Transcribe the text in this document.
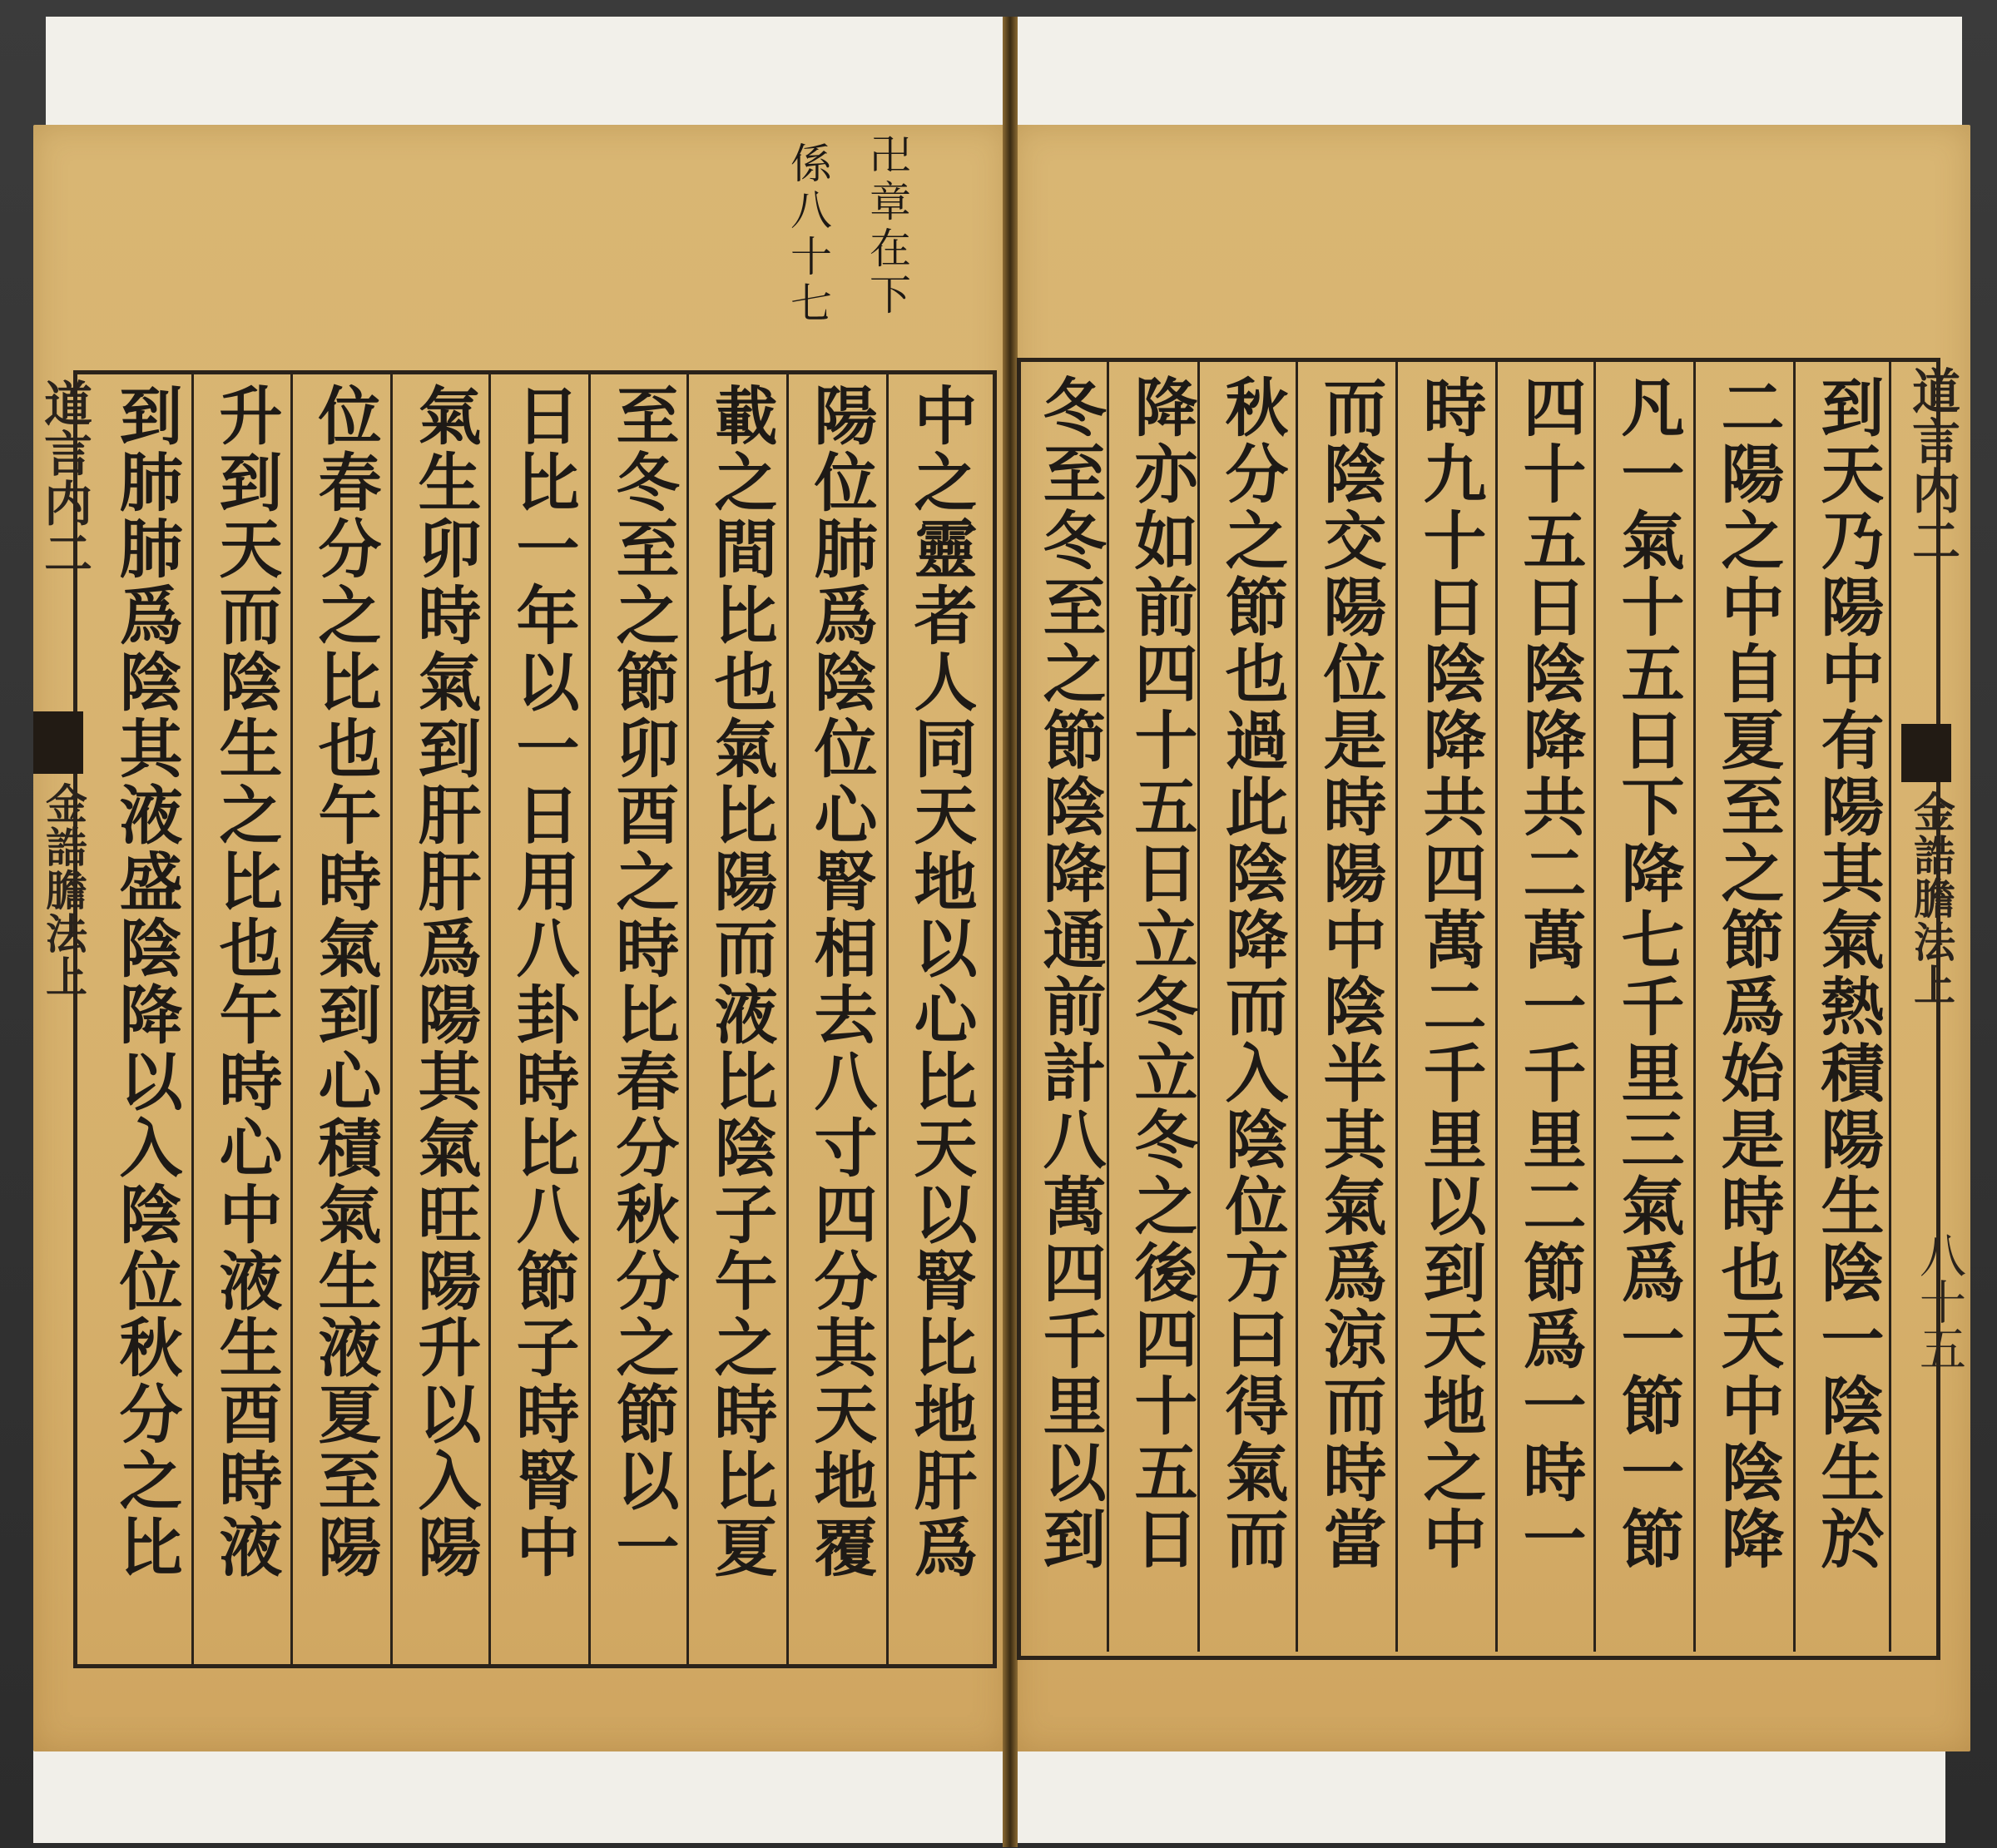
卍章在下
係八十七
道言内二
金誥膽法上	中之靈者人同天地以心比天以腎比地肝爲
陽位肺爲陰位心腎相去八寸四分其天地覆
載之間比也氣比陽而液比陰子午之時比夏
至冬至之節卯酉之時比春分秋分之節以一
日比一年以一日用八卦時比八節子時腎中
氣生卯時氣到肝肝爲陽其氣旺陽升以入陽
位春分之比也午時氣到心積氣生液夏至陽
升到天而陰生之比也午時心中液生酉時液
到肺肺爲陰其液盛陰降以入陰位秋分之比	道言内二
金誥膽法上
八十五
到天乃陽中有陽其氣熱積陽生陰一陰生於
二陽之中自夏至之節爲始是時也天中陰降
凡一氣十五日下降七千里三氣爲一節一節
四十五日陰降共二萬一千里二節爲一時一
時九十日陰降共四萬二千里以到天地之中
而陰交陽位是時陽中陰半其氣爲涼而時當
秋分之節也過此陰降而入陰位方曰得氣而
降亦如前四十五日立冬立冬之後四十五日
冬至冬至之節陰降通前計八萬四千里以到
